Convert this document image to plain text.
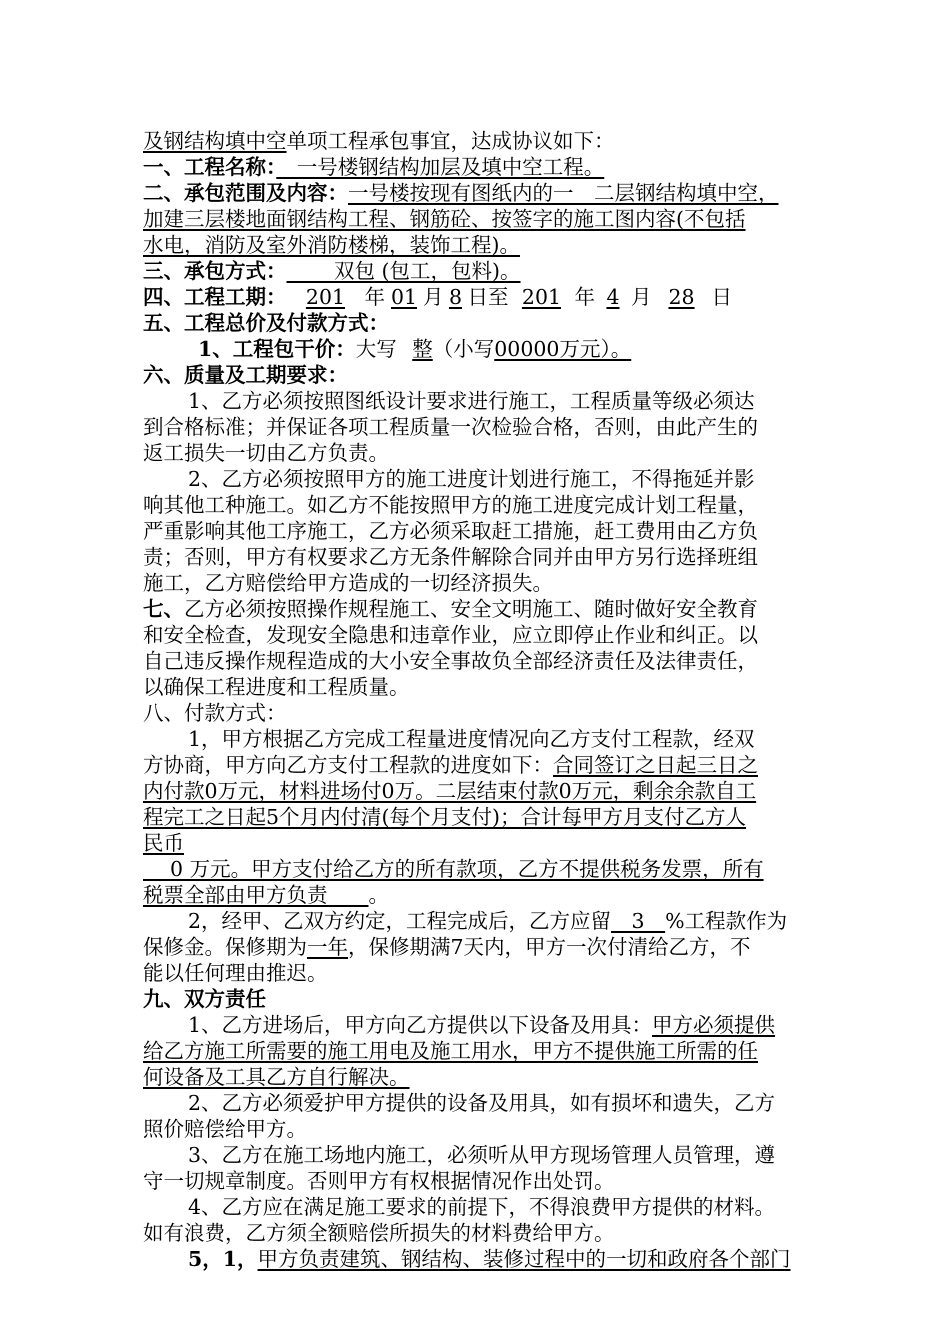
及钢结构填中空单项工程承包事宜，达成协议如下：
一、工程名称：　一号楼钢结构加层及填中空工程。
二、承包范围及内容：一号楼按现有图纸内的一　二层钢结构填中空，
加建三层楼地面钢结构工程、钢筋砼、按签字的施工图内容(不包括
水电，消防及室外消防楼梯，装饰工程)。
三、承包方式：　　 双包 (包工，包料)。
四、工程工期： 201 年 01 月 8 日至 201 年 4 月 28 日
五、工程总价及付款方式：
1、工程包干价：大写 整（小写00000万元）。
六、质量及工期要求：
1、乙方必须按照图纸设计要求进行施工，工程质量等级必须达
到合格标准；并保证各项工程质量一次检验合格，否则，由此产生的
返工损失一切由乙方负责。
2、乙方必须按照甲方的施工进度计划进行施工，不得拖延并影
响其他工种施工。如乙方不能按照甲方的施工进度完成计划工程量，
严重影响其他工序施工，乙方必须采取赶工措施，赶工费用由乙方负
责；否则，甲方有权要求乙方无条件解除合同并由甲方另行选择班组
施工，乙方赔偿给甲方造成的一切经济损失。
七、乙方必须按照操作规程施工、安全文明施工、随时做好安全教育
和安全检查，发现安全隐患和违章作业，应立即停止作业和纠正。以
自己违反操作规程造成的大小安全事故负全部经济责任及法律责任，
以确保工程进度和工程质量。
八、付款方式：
1，甲方根据乙方完成工程量进度情况向乙方支付工程款，经双
方协商，甲方向乙方支付工程款的进度如下：合同签订之日起三日之
内付款0万元，材料进场付0万。二层结束付款0万元，剩余余款自工
程完工之日起5个月内付清(每个月支付)；合计每甲方月支付乙方人
民币
　 0 万元。甲方支付给乙方的所有款项，乙方不提供税务发票，所有
税票全部由甲方负责　　。
2，经甲、乙双方约定，工程完成后，乙方应留　3　%工程款作为
保修金。保修期为一年，保修期满7天内，甲方一次付清给乙方，不
能以任何理由推迟。
九、双方责任
1、乙方进场后，甲方向乙方提供以下设备及用具：甲方必须提供
给乙方施工所需要的施工用电及施工用水，甲方不提供施工所需的任
何设备及工具乙方自行解决。
2、乙方必须爱护甲方提供的设备及用具，如有损坏和遗失，乙方
照价赔偿给甲方。
3、乙方在施工场地内施工，必须听从甲方现场管理人员管理，遵
守一切规章制度。否则甲方有权根据情况作出处罚。
4、乙方应在满足施工要求的前提下，不得浪费甲方提供的材料。
如有浪费，乙方须全额赔偿所损失的材料费给甲方。
5，1，甲方负责建筑、钢结构、装修过程中的一切和政府各个部门
